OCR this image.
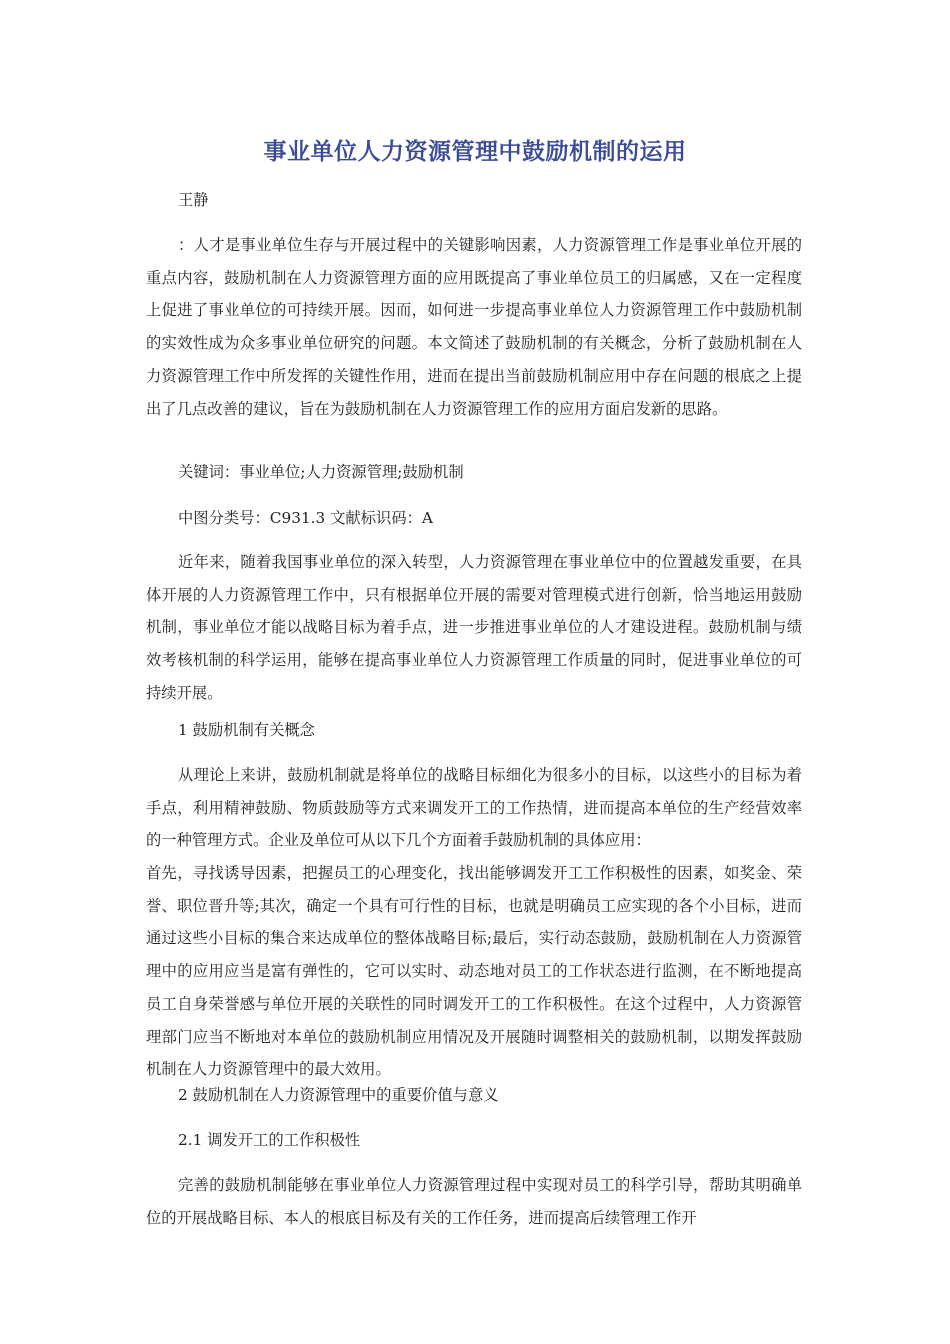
事业单位人力资源管理中鼓励机制的运用
王静
：人才是事业单位生存与开展过程中的关键影响因素，人力资源管理工作是事业单位开展的重点内容，鼓励机制在人力资源管理方面的应用既提高了事业单位员工的归属感，又在一定程度上促进了事业单位的可持续开展。因而，如何进一步提高事业单位人力资源管理工作中鼓励机制的实效性成为众多事业单位研究的问题。本文简述了鼓励机制的有关概念，分析了鼓励机制在人力资源管理工作中所发挥的关键性作用，进而在提出当前鼓励机制应用中存在问题的根底之上提出了几点改善的建议，旨在为鼓励机制在人力资源管理工作的应用方面启发新的思路。
关键词：事业单位;人力资源管理;鼓励机制
中图分类号：C931.3 文献标识码：A
近年来，随着我国事业单位的深入转型，人力资源管理在事业单位中的位置越发重要，在具体开展的人力资源管理工作中，只有根据单位开展的需要对管理模式进行创新，恰当地运用鼓励机制，事业单位才能以战略目标为着手点，进一步推进事业单位的人才建设进程。鼓励机制与绩效考核机制的科学运用，能够在提高事业单位人力资源管理工作质量的同时，促进事业单位的可持续开展。
1 鼓励机制有关概念
从理论上来讲，鼓励机制就是将单位的战略目标细化为很多小的目标，以这些小的目标为着手点，利用精神鼓励、物质鼓励等方式来调发开工的工作热情，进而提高本单位的生产经营效率的一种管理方式。企业及单位可从以下几个方面着手鼓励机制的具体应用：
首先，寻找诱导因素，把握员工的心理变化，找出能够调发开工工作积极性的因素，如奖金、荣誉、职位晋升等;其次，确定一个具有可行性的目标，也就是明确员工应实现的各个小目标，进而通过这些小目标的集合来达成单位的整体战略目标;最后，实行动态鼓励，鼓励机制在人力资源管理中的应用应当是富有弹性的，它可以实时、动态地对员工的工作状态进行监测，在不断地提高员工自身荣誉感与单位开展的关联性的同时调发开工的工作积极性。在这个过程中，人力资源管理部门应当不断地对本单位的鼓励机制应用情况及开展随时调整相关的鼓励机制，以期发挥鼓励机制在人力资源管理中的最大效用。
2 鼓励机制在人力资源管理中的重要价值与意义
2.1 调发开工的工作积极性
完善的鼓励机制能够在事业单位人力资源管理过程中实现对员工的科学引导，帮助其明确单位的开展战略目标、本人的根底目标及有关的工作任务，进而提高后续管理工作开
